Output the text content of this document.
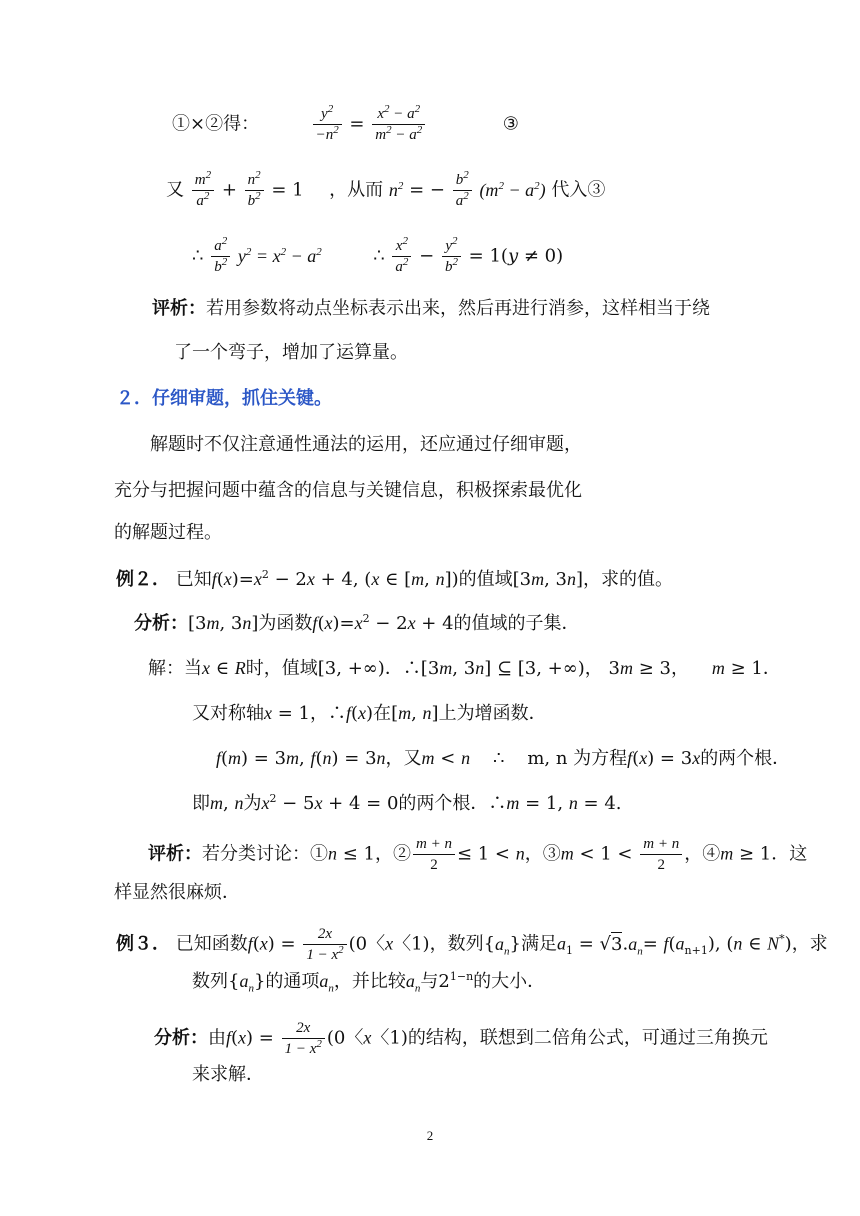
①×②得：	$\frac{y^2}{-n^2} = \frac{x^2 - a^2}{m^2 - a^2}$	③
又 $\frac{m^2}{a^2} + \frac{n^2}{b^2} = 1$ ，从而 $n^2$ = − $\frac{b^2}{a^2} (m^2 - a^2)$ 代入③
∴ $\frac{a^2}{b^2} y^2 = x^2 - a^2$	∴ $\frac{x^2}{a^2} - \frac{y^2}{b^2} = 1(y \ne 0)$
评析：若用参数将动点坐标表示出来，然后再进行消参，这样相当于绕
了一个弯子，增加了运算量。
２．仔细审题，抓住关键。
解题时不仅注意通性通法的运用，还应通过仔细审题，
充分与把握问题中蕴含的信息与关键信息，积极探索最优化
的解题过程。
例２． 已知$f(x)=x^2 - 2x + 4$, (x ∈ [m, n])的值域[3m, 3n]，求的值。
分析：[3m, 3n]为函数$f(x)=x^2 - 2x + 4$的值域的子集．
解：当x ∈ R时，值域[3, +∞)．∴[3m, 3n] ⊆ [3, +∞)， 3m ≥ 3， m ≥ 1．
又对称轴x = 1，∴f(x)在[m, n]上为增函数．
f(m) = 3m, f(n) = 3n，又m < n ∴ m, n 为方程f(x) = 3x的两个根．
即m, n为$x^2 - 5x + 4 = 0$的两个根．∴m = 1, n = 4.
评析：若分类讨论：①n ≤ 1，② $\frac{m + n}{2} \le 1 < n$，③m < $1 < \frac{m + n}{2}$ ，④m ≥ 1．这
样显然很麻烦．
例３． 已知函数$f(x) = \frac{2x}{1 - x^2} (0$〈x〈1)，数列$\{a_n\}$满足$a_1 = √3.a_n= f(a_{n+1})$, (n ∈ N*)，求
数列$\{a_n\}$的通项$a_n$，并比较$a_n$与$2^{1-n}$的大小．
分析：由$f(x) = \frac{2x}{1 - x^2} (0$〈x〈1)的结构，联想到二倍角公式，可通过三角换元
来求解．
2
